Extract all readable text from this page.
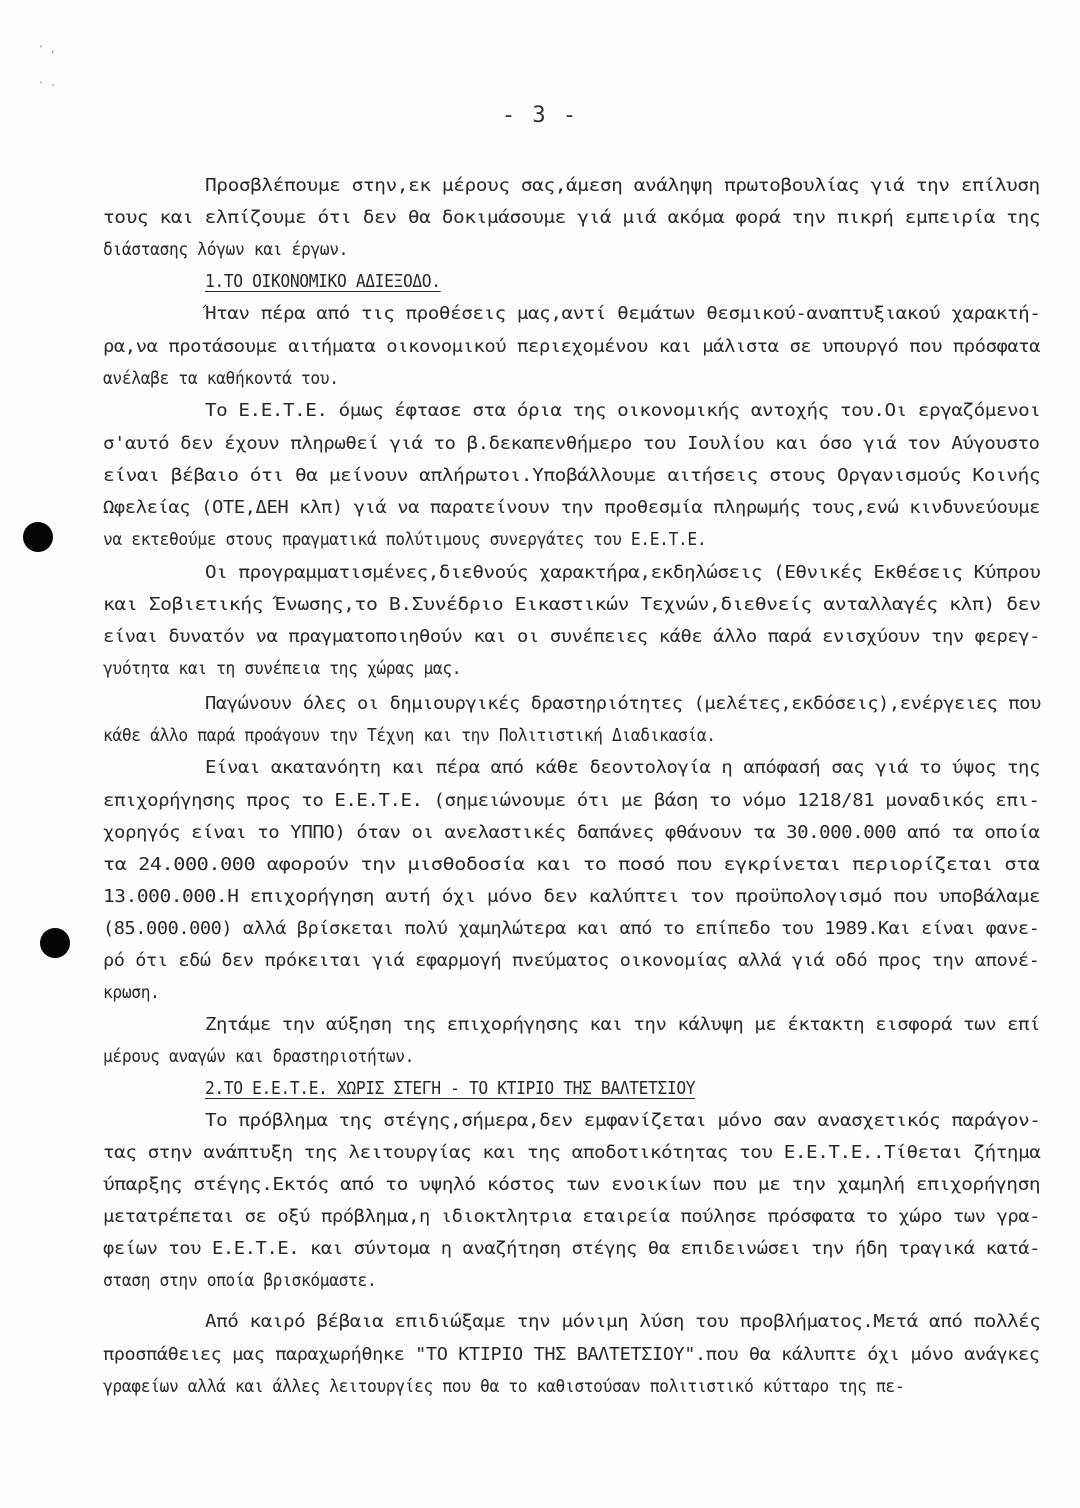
' ,
' -
- 3 -
Προσβλέπουμε στην,εκ μέρους σας,άμεση ανάληψη πρωτοβουλίας γιά την επίλυση
τους και ελπίζουμε ότι δεν θα δοκιμάσουμε γιά μιά ακόμα φορά την πικρή εμπειρία της
διάστασης λόγων και έργων.
1.ΤΟ ΟΙΚΟΝΟΜΙΚΟ ΑΔΙΕΞΟΔΟ.
Ήταν πέρα από τις προθέσεις μας,αντί θεμάτων θεσμικού-αναπτυξιακού χαρακτή-
ρα,να προτάσουμε αιτήματα οικονομικού περιεχομένου και μάλιστα σε υπουργό που πρόσφατα
ανέλαβε τα καθήκοντά του.
Το Ε.Ε.Τ.Ε. όμως έφτασε στα όρια της οικονομικής αντοχής του.Οι εργαζόμενοι
σ'αυτό δεν έχουν πληρωθεί γιά το β.δεκαπενθήμερο του Ιουλίου και όσο γιά τον Αύγουστο
είναι βέβαιο ότι θα μείνουν απλήρωτοι.Υποβάλλουμε αιτήσεις στους Οργανισμούς Κοινής
Ωφελείας (ΟΤΕ,ΔΕΗ κλπ) γιά να παρατείνουν την προθεσμία πληρωμής τους,ενώ κινδυνεύουμε
να εκτεθούμε στους πραγματικά πολύτιμους συνεργάτες του Ε.Ε.Τ.Ε.
Οι προγραμματισμένες,διεθνούς χαρακτήρα,εκδηλώσεις (Εθνικές Εκθέσεις Κύπρου
και Σοβιετικής Ένωσης,το Β.Συνέδριο Εικαστικών Τεχνών,διεθνείς ανταλλαγές κλπ) δεν
είναι δυνατόν να πραγματοποιηθούν και οι συνέπειες κάθε άλλο παρά ενισχύουν την φερεγ-
γυότητα και τη συνέπεια της χώρας μας.
Παγώνουν όλες οι δημιουργικές δραστηριότητες (μελέτες,εκδόσεις),ενέργειες που
κάθε άλλο παρά προάγουν την Τέχνη και την Πολιτιστική Διαδικασία.
Είναι ακατανόητη και πέρα από κάθε δεοντολογία η απόφασή σας γιά το ύψος της
επιχορήγησης προς το Ε.Ε.Τ.Ε. (σημειώνουμε ότι με βάση το νόμο 1218/81 μοναδικός επι-
χορηγός είναι το ΥΠΠΟ) όταν οι ανελαστικές δαπάνες φθάνουν τα 30.000.000 από τα οποία
τα 24.000.000 αφορούν την μισθοδοσία και το ποσό που εγκρίνεται περιορίζεται στα
13.000.000.Η επιχορήγηση αυτή όχι μόνο δεν καλύπτει τον προϋπολογισμό που υποβάλαμε
(85.000.000) αλλά βρίσκεται πολύ χαμηλώτερα και από το επίπεδο του 1989.Και είναι φανε-
ρό ότι εδώ δεν πρόκειται γιά εφαρμογή πνεύματος οικονομίας αλλά γιά οδό προς την απονέ-
κρωση.
Ζητάμε την αύξηση της επιχορήγησης και την κάλυψη με έκτακτη εισφορά των επί
μέρους αναγών και δραστηριοτήτων.
2.ΤΟ Ε.Ε.Τ.Ε. ΧΩΡΙΣ ΣΤΕΓΗ - ΤΟ ΚΤΙΡΙΟ ΤΗΣ ΒΑΛΤΕΤΣΙΟΥ
Το πρόβλημα της στέγης,σήμερα,δεν εμφανίζεται μόνο σαν ανασχετικός παράγον-
τας στην ανάπτυξη της λειτουργίας και της αποδοτικότητας του Ε.Ε.Τ.Ε..Τίθεται ζήτημα
ύπαρξης στέγης.Εκτός από το υψηλό κόστος των ενοικίων που με την χαμηλή επιχορήγηση
μετατρέπεται σε οξύ πρόβλημα,η ιδιοκτλητρια εταιρεία πούλησε πρόσφατα το χώρο των γρα-
φείων του Ε.Ε.Τ.Ε. και σύντομα η αναζήτηση στέγης θα επιδεινώσει την ήδη τραγικά κατά-
σταση στην οποία βρισκόμαστε.
Από καιρό βέβαια επιδιώξαμε την μόνιμη λύση του προβλήματος.Μετά από πολλές
προσπάθειες μας παραχωρήθηκε "ΤΟ ΚΤΙΡΙΟ ΤΗΣ ΒΑΛΤΕΤΣΙΟΥ".που θα κάλυπτε όχι μόνο ανάγκες
γραφείων αλλά και άλλες λειτουργίες που θα το καθιστούσαν πολιτιστικό κύτταρο της πε-
